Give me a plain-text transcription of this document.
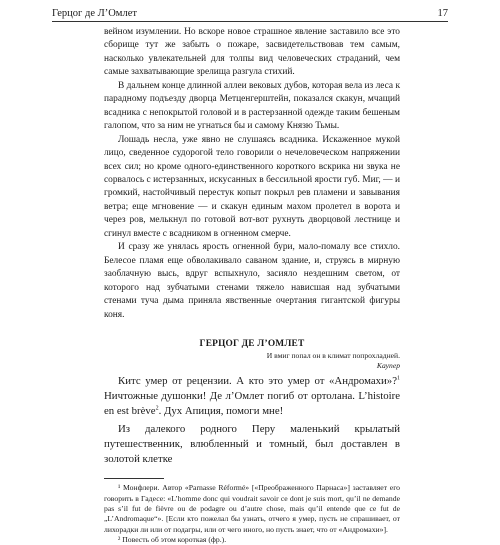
Герцог де Л’Омлет	17

вейном изумлении. Но вскоре новое страшное явление заставило все это сборище тут же забыть о пожаре, засвидетельствовав тем самым, насколько увлекательней для толпы вид человеческих страданий, чем самые захватывающие зрелища разгула стихий.

В дальнем конце длинной аллеи вековых дубов, которая вела из леса к парадному подъезду дворца Метценгерштейн, показался скакун, мчащий всадника с непокрытой головой и в растерзанной одежде таким бешеным галопом, что за ним не угнаться бы и самому Князю Тьмы.

Лошадь несла, уже явно не слушаясь всадника. Искаженное мукой лицо, сведенное судорогой тело говорили о нечеловеческом напряжении всех сил; но кроме одного-единственного короткого вскрика ни звука не сорвалось с истерзанных, искусанных в бессильной ярости губ. Миг, — и громкий, настойчивый перестук копыт покрыл рев пламени и завывания ветра; еще мгновение — и скакун единым махом пролетел в ворота и через ров, мелькнул по готовой вот-вот рухнуть дворцовой лестнице и сгинул вместе с всадником в огненном смерче.

И сразу же унялась ярость огненной бури, мало-помалу все стихло. Белесое пламя еще обволакивало саваном здание, и, струясь в мирную заоблачную высь, вдруг вспыхнуло, засияло нездешним светом, от которого над зубчатыми стенами тяжело нависшая над зубчатыми стенами туча дыма приняла явственные очертания гигантской фигуры коня.

ГЕРЦОГ ДЕ Л’ОМЛЕТ

И вмиг попал он в климат попрохладней.

Каупер

Китс умер от рецензии. А кто это умер от «Андромахи»?$^1$ Ничтожные душонки! Де л’Омлет погиб от ортолана. L’histoire en est brève$^2$. Дух Апиция, помоги мне!

Из далекого родного Перу маленький крылатый путешественник, влюбленный и томный, был доставлен в золотой клетке

¹ Монфлери. Автор «Parnasse Réformé» [«Преображенного Парнаса»] заставляет его говорить в Гадесе: «L’homme donc qui voudrait savoir ce dont je suis mort, qu’il ne demande pas s’il fut de fièvre ou de podagre ou d’autre chose, mais qu’il entende que ce fut de „L’Andromaque“». [Если кто пожелал бы узнать, отчего я умер, пусть не спрашивает, от лихорадки ли или от подагры, или от чего иного, но пусть знает, что от «Андромахи»].

² Повесть об этом короткая (фр.).
